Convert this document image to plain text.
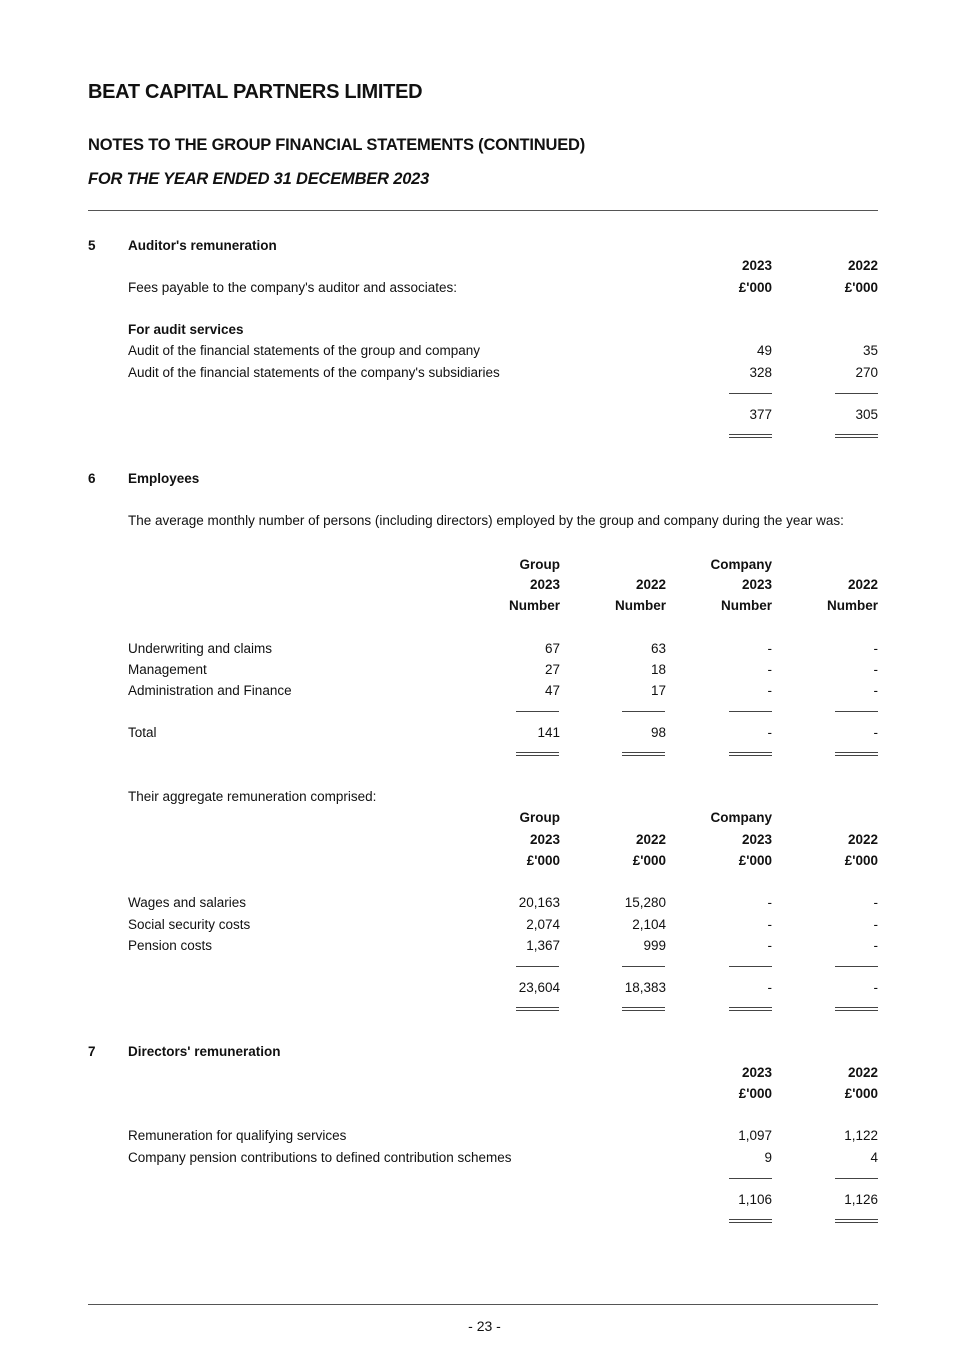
BEAT CAPITAL PARTNERS LIMITED
NOTES TO THE GROUP FINANCIAL STATEMENTS (CONTINUED)
FOR THE YEAR ENDED 31 DECEMBER 2023
5 Auditor's remuneration
2023	2022
Fees payable to the company's auditor and associates:	£'000	£'000
For audit services
Audit of the financial statements of the group and company	49	35
Audit of the financial statements of the company's subsidiaries	328	270
377	305
6 Employees
The average monthly number of persons (including directors) employed by the group and company during the year was:
Group	Company
2023	2022	2023	2022
Number	Number	Number	Number
Underwriting and claims	67	63	-	-
Management	27	18	-	-
Administration and Finance	47	17	-	-
Total	141	98	-	-
Their aggregate remuneration comprised:
Group	Company
2023	2022	2023	2022
£'000	£'000	£'000	£'000
Wages and salaries	20,163	15,280	-	-
Social security costs	2,074	2,104	-	-
Pension costs	1,367	999	-	-
23,604	18,383	-	-
7 Directors' remuneration
2023	2022
£'000	£'000
Remuneration for qualifying services	1,097	1,122
Company pension contributions to defined contribution schemes	9	4
1,106	1,126
- 23 -
